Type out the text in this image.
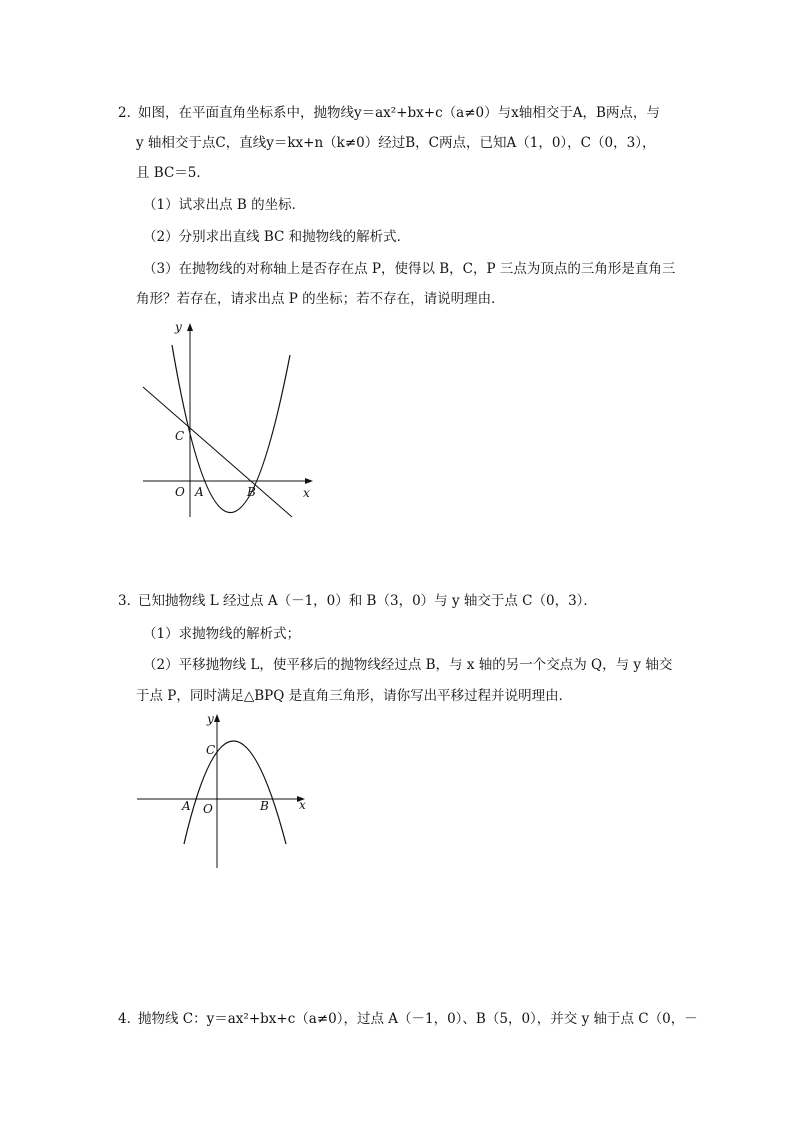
2．
如图，在平面直角坐标系中，抛物线y＝ax²+bx+c（a≠0）与x轴相交于A，B两点，与
y 轴相交于点C，直线y＝kx+n（k≠0）经过B，C两点，已知A（1，0），C（0，3），
且 BC＝5．
（1）试求出点 B 的坐标．
（2）分别求出直线 BC 和抛物线的解析式．
（3）在抛物线的对称轴上是否存在点 P，使得以 B，C，P 三点为顶点的三角形是直角三
角形？若存在，请求出点 P 的坐标；若不存在，请说明理由．
y
x
C
O A	B
3．
已知抛物线 L 经过点 A（－1，0）和 B（3，0）与 y 轴交于点 C（0，3）．
（1）求抛物线的解析式；
（2）平移抛物线 L，使平移后的抛物线经过点 B，与 x 轴的另一个交点为 Q，与 y 轴交
于点 P，同时满足△BPQ 是直角三角形，请你写出平移过程并说明理由．
y
x
C
O
A	B
4．
抛物线 C：y＝ax²+bx+c（a≠0），过点 A（－1，0）、B（5，0），并交 y 轴于点 C（0，－
